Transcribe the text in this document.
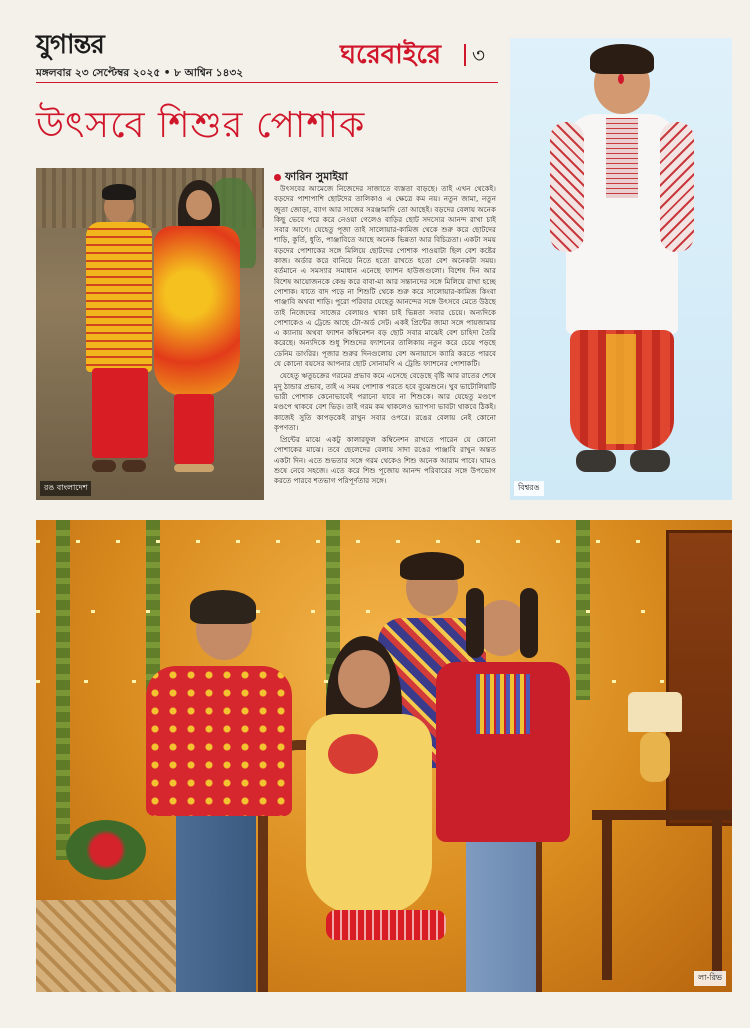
যুগান্তর
মঙ্গলবার ২৩ সেপ্টেম্বর ২০২৫ • ৮ আশ্বিন ১৪৩২
ঘরেবাইরে ৩
উৎসবে শিশুর পোশাক
রঙ বাংলাদেশ
ফারিন সুমাইয়া

উৎসবের আমেজে নিজেদের সাজাতে ব্যস্ততা বাড়ছে। তাই এখন থেকেই। বড়দের পাশাপাশি ছোটদের তালিকাও এ ক্ষেত্রে কম নয়। নতুন জামা, নতুন জুতা জোড়া, ব্যাগ আর সাজের সরঞ্জামাদি তো আছেই। বড়দের বেলায় অনেক কিছু ভেবে পরে করে নেওয়া গেলেও বাড়ির ছোট সদস্যের আনন্দ রাখা চাই সবার আগে। যেহেতু পূজা তাই সালোয়ার-কামিজ থেকে শুরু করে ছোটদের শাড়ি, কুর্তি, ধুতি, পাঞ্জাবিতে আছে অনেক ভিন্নতা আর বিচিত্রতা। একটা সময় বড়দের পোশাকের সঙ্গে মিলিয়ে ছোটদের পোশাক পাওয়াটা ছিল বেশ কষ্টের কাজ। অর্ডার করে বানিয়ে নিতে হতো রাখতে হতো বেশ অনেকটা সময়। বর্তমানে এ সমস্যার সমাধান এনেছে ফ্যাশন হাউজগুলো। বিশেষ দিন আর বিশেষ আয়োজনকে কেন্দ্র করে বাবা-মা আর সন্তানদের সঙ্গে মিলিয়ে রাখা হচ্ছে পোশাক। যাতে বাদ পড়ে না শিশুটি থেকে শুরু করে সালোয়ার-কামিজ কিংবা পাঞ্জাবি অথবা শাড়ি। পুরো পরিবার যেহেতু আনন্দের সঙ্গে উৎসবে মেতে উঠছে তাই নিজেদের সাজের বেলায়ও থাকা চাই ভিন্নতা সবার চেয়ে। অন্যদিকে পোশাকেও এ ট্রেন্ডে আছে টো-অর্ড সেট। একই প্রিন্টের জামা সঙ্গে পায়জামার এ ক্যানায় অথবা ফ্যাশন কম্বিনেশন বড় ছোট সবার মাঝেই বেশ চাহিদা তৈরি করেছে। অন্যদিকে শুধু শিশুদের ফ্যাশনের তালিকায় নতুন করে চেয়ে পড়ছে ডেনিম ডাংরির। পূজার শুরুর দিনগুলোয় বেশ অনায়াসে ক্যারি করতে পারবে যে কোনো বয়সের আপনার ছোট সোনামণি এ ট্রেন্ডি ফ্যাশনের পোশাকটি।

যেহেতু ঋতুচক্রের গরমের প্রভাব কমে এসেছে বেড়েছে বৃষ্টি আর রাতের শেষে মৃদু ঠান্ডার প্রভাব, তাই এ সময় পোশাক পরতে হবে বুঝেশুনে। খুব ভাটোলিয়াটি ভারী পোশাক কেনোভাবেই পরানো যাবে না শিশুকে। আর যেহেতু মণ্ডপে মণ্ডপে থাকবে বেশ ভিড়। তাই গরম কম থাকলেও ভ্যাপসা ভাবটা থাকবে ঠিকই। কাজেই সুতি কাপড়কেই রাখুন সবার ওপরে। রঙের বেলায় নেই কোনো কৃপণতা।

প্রিন্টের মাঝে একটু কালারফুল কম্বিনেশন রাখতে পারেন যে কোনো পোশাকের মাঝে। তবে ছেলেদের বেলায় সাদা রঙের পাঞ্জাবি রাখুন অন্তত একটা দিন। এতে শুভতার সঙ্গে গরম থেকেও শিশু অনেক আরাম পাবে। ঘামও শুষে নেবে সহজে। এতে করে শিশু পূজোয় আনন্দ পরিবারের সঙ্গে উপভোগ করতে পারবে শতভাগ পরিপূর্ণতার সঙ্গে।

বিশ্বরঙ
লা-রিভ
